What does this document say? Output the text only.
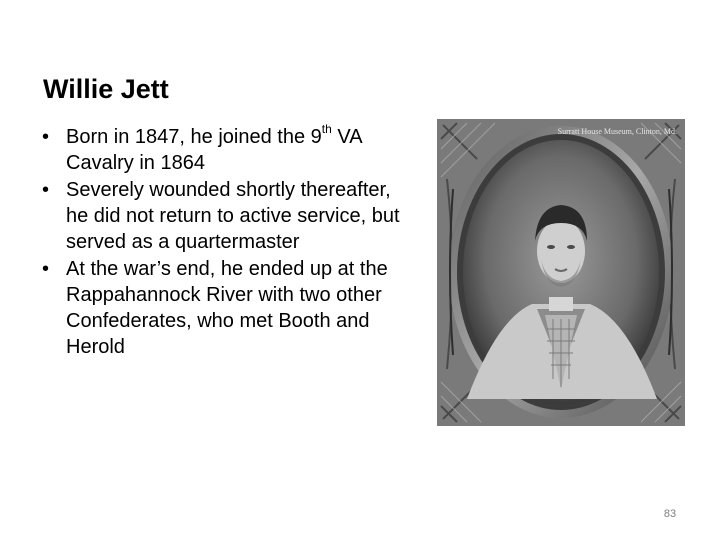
Willie Jett
• Born in 1847, he joined the 9th VA Cavalry in 1864
• Severely wounded shortly thereafter, he did not return to active service, but served as a quartermaster
• At the war’s end, he ended up at the Rappahannock River with two other Confederates, who met Booth and Herold
Surratt House Museum, Clinton, Md.
83
